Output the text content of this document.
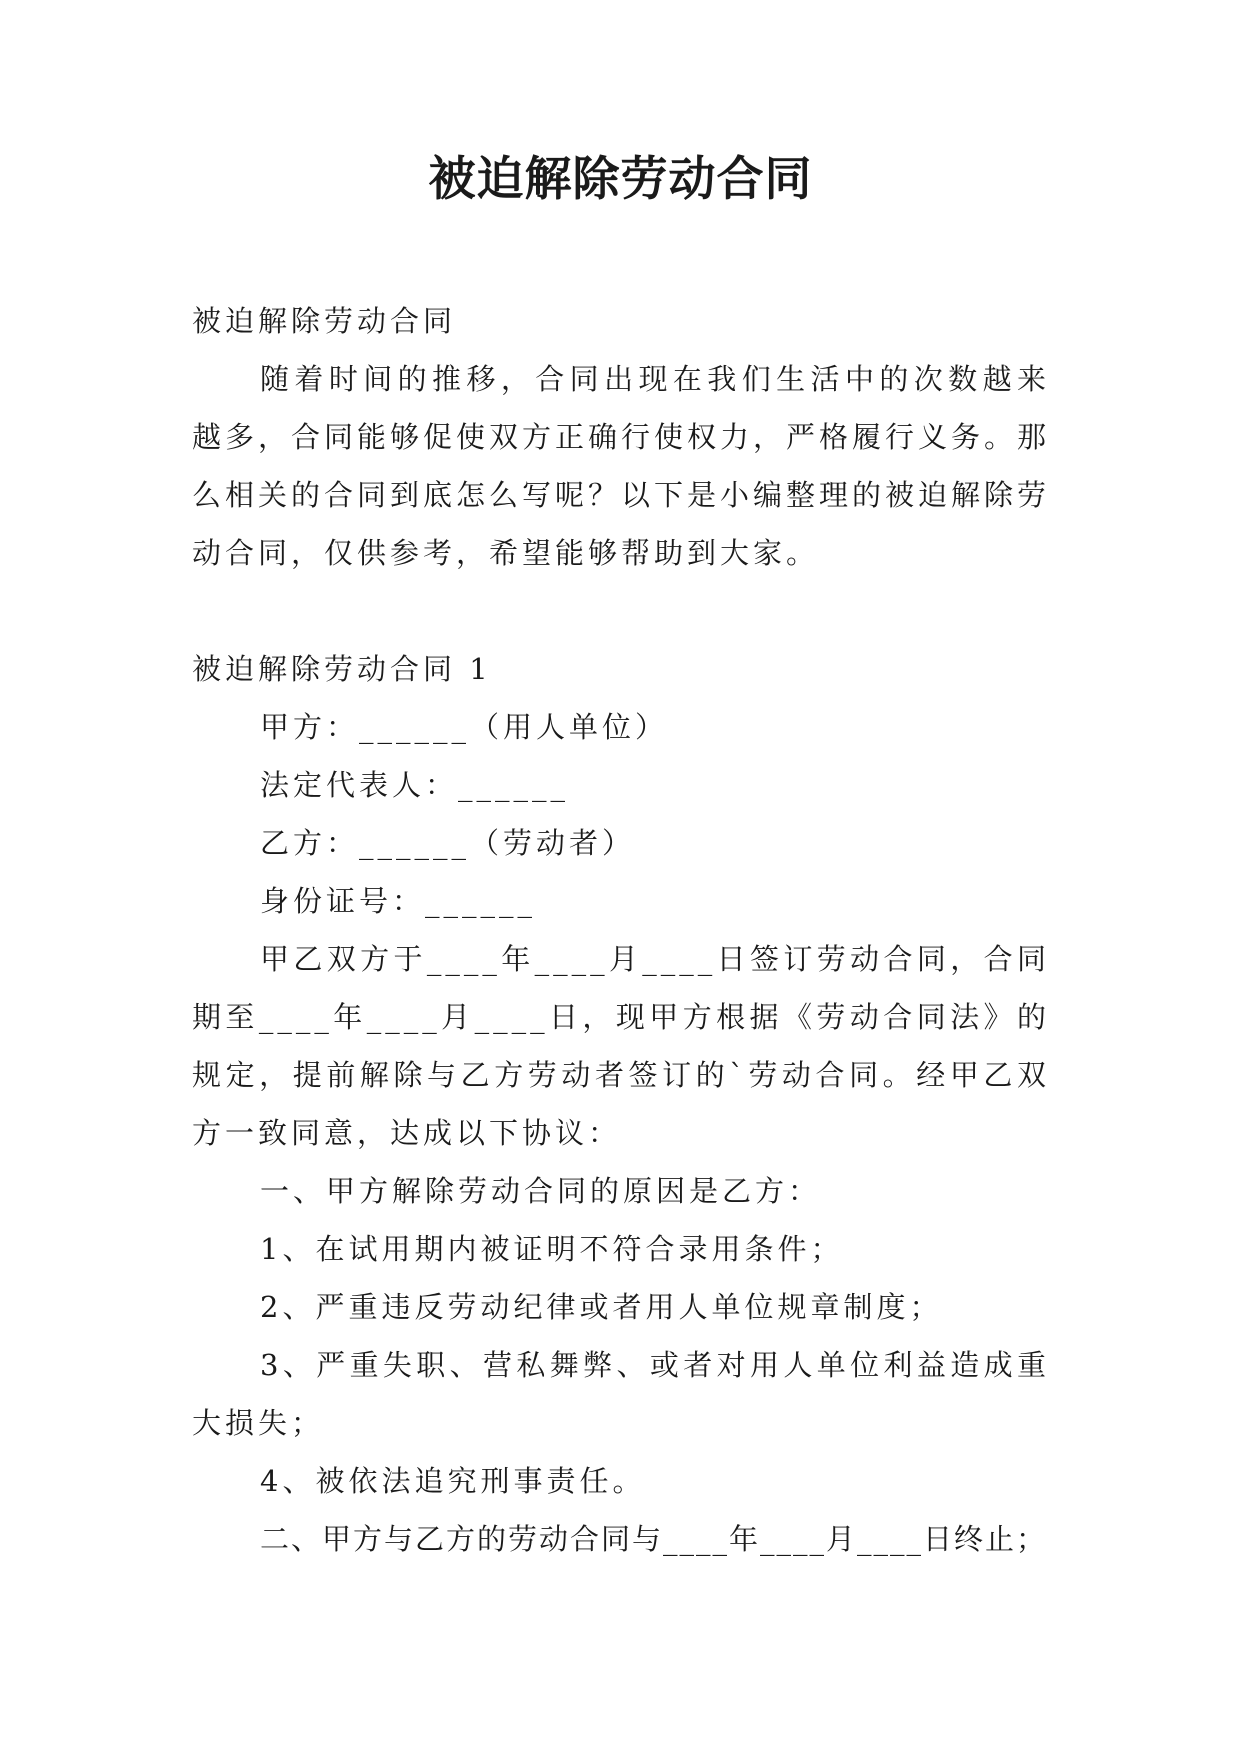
被迫解除劳动合同

被迫解除劳动合同

随着时间的推移，合同出现在我们生活中的次数越来越多，合同能够促使双方正确行使权力，严格履行义务。那么相关的合同到底怎么写呢？以下是小编整理的被迫解除劳动合同，仅供参考，希望能够帮助到大家。

被迫解除劳动合同 1

甲方：______（用人单位）

法定代表人：______

乙方：______（劳动者）

身份证号：______

甲乙双方于____年____月____日签订劳动合同，合同期至____年____月____日，现甲方根据《劳动合同法》的规定，提前解除与乙方劳动者签订的`劳动合同。经甲乙双方一致同意，达成以下协议：

一、甲方解除劳动合同的原因是乙方：

1、在试用期内被证明不符合录用条件；

2、严重违反劳动纪律或者用人单位规章制度；

3、严重失职、营私舞弊、或者对用人单位利益造成重大损失；

4、被依法追究刑事责任。

二、甲方与乙方的劳动合同与____年____月____日终止；
